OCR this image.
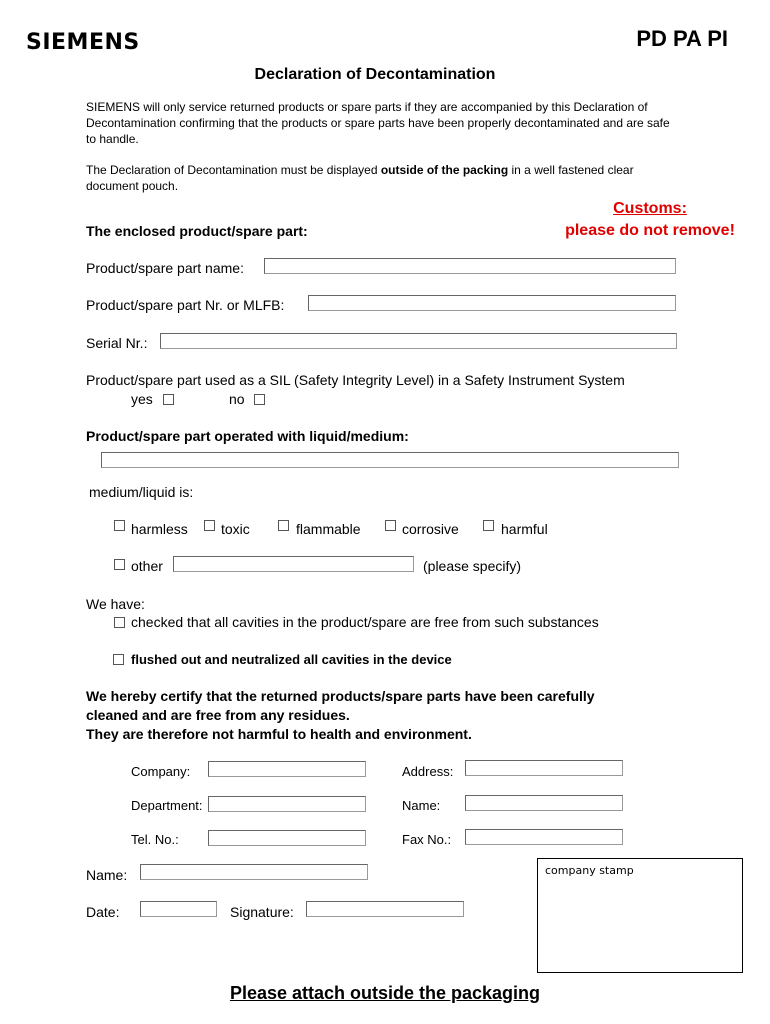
SIEMENS	PD PA PI
Declaration of Decontamination
SIEMENS will only service returned products or spare parts if they are accompanied by this Declaration of Decontamination confirming that the products or spare parts have been properly decontaminated and are safe to handle.
The Declaration of Decontamination must be displayed outside of the packing in a well fastened clear document pouch.
Customs:
please do not remove!
The enclosed product/spare part:
Product/spare part name:
Product/spare part Nr. or MLFB:
Serial Nr.:
Product/spare part used as a SIL (Safety Integrity Level) in a Safety Instrument System
yes	no
Product/spare part operated with liquid/medium:
medium/liquid is:
harmless toxic	flammable	corrosive	harmful
other	(please specify)
We have:
checked that all cavities in the product/spare are free from such substances
flushed out and neutralized all cavities in the device
We hereby certify that the returned products/spare parts have been carefully
cleaned and are free from any residues.
They are therefore not harmful to health and environment.
Company:	Address:
Department:	Name:
Tel. No.:	Fax No.:
Name:
Date:	Signature:
company stamp
Please attach outside the packaging
